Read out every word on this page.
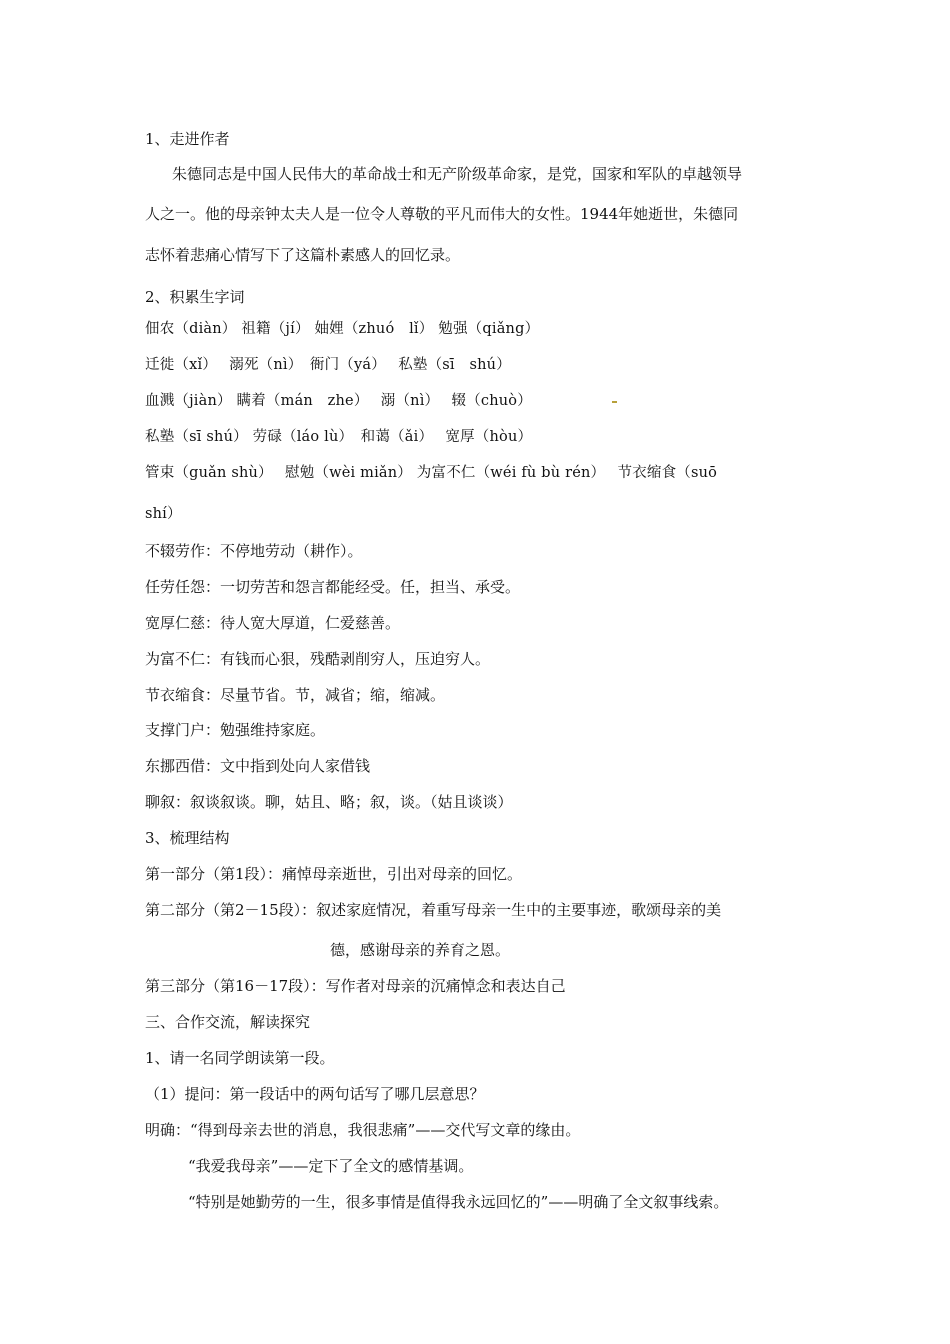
1、走进作者
朱德同志是中国人民伟大的革命战士和无产阶级革命家，是党，国家和军队的卓越领导
人之一。他的母亲钟太夫人是一位令人尊敬的平凡而伟大的女性。1944年她逝世，朱德同
志怀着悲痛心情写下了这篇朴素感人的回忆录。
2、积累生字词
佃农（diàn） 祖籍（jí） 妯娌（zhuó　lǐ） 勉强（qiǎng）
迁徙（xǐ）　 溺死（nì）　衙门（yá）　 私塾（sī　shú）
血溅（jiàn） 瞒着（mán　zhe）　 溺（nì）　 辍（chuò）
私塾（sī shú） 劳碌（láo lù）　和蔼（ǎi）　 宽厚（hòu）
管束（guǎn shù）　 慰勉（wèi miǎn） 为富不仁（wéi fù bù rén）　 节衣缩食（suō
shí）
不辍劳作：不停地劳动（耕作）。
任劳任怨：一切劳苦和怨言都能经受。任，担当、承受。
宽厚仁慈：待人宽大厚道，仁爱慈善。
为富不仁：有钱而心狠，残酷剥削穷人，压迫穷人。
节衣缩食：尽量节省。节，减省；缩，缩减。
支撑门户：勉强维持家庭。
东挪西借：文中指到处向人家借钱
聊叙：叙谈叙谈。聊，姑且、略；叙，谈。（姑且谈谈）
3、梳理结构
第一部分（第1段）：痛悼母亲逝世，引出对母亲的回忆。
第二部分（第2－15段）：叙述家庭情况，着重写母亲一生中的主要事迹，歌颂母亲的美
德，感谢母亲的养育之恩。
第三部分（第16－17段）：写作者对母亲的沉痛悼念和表达自己
三、合作交流，解读探究
1、请一名同学朗读第一段。
（1）提问：第一段话中的两句话写了哪几层意思？
明确：“得到母亲去世的消息，我很悲痛”——交代写文章的缘由。
“我爱我母亲”——定下了全文的感情基调。
“特别是她勤劳的一生，很多事情是值得我永远回忆的”——明确了全文叙事线索。
